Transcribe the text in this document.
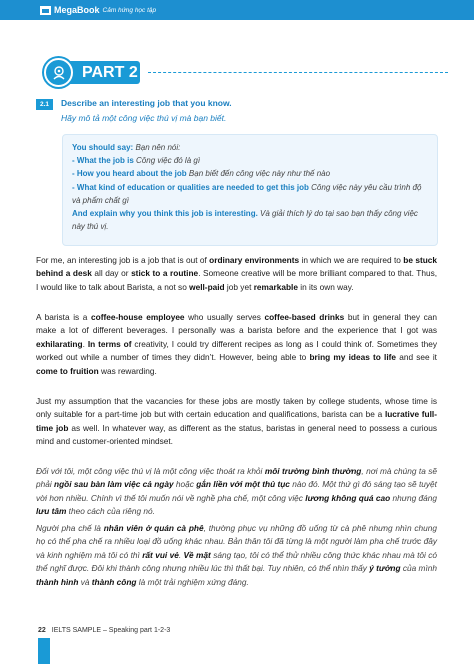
MegaBook Cảm hứng học tập
PART 2
2.1	Describe an interesting job that you know.
Hãy mô tả một công việc thú vị mà bạn biết.
You should say: Bạn nên nói:
- What the job is Công việc đó là gì
- How you heard about the job Bạn biết đến công việc này như thế nào
- What kind of education or qualities are needed to get this job Công việc này yêu cầu trình độ và phẩm chất gì
And explain why you think this job is interesting. Và giải thích lý do tại sao bạn thấy công việc này thú vị.

For me, an interesting job is a job that is out of ordinary environments in which we are required to be stuck behind a desk all day or stick to a routine. Someone creative will be more brilliant compared to that. Thus, I would like to talk about Barista, a not so well-paid job yet remarkable in its own way.

A barista is a coffee-house employee who usually serves coffee-based drinks but in general they can make a lot of different beverages. I personally was a barista before and the experience that I got was exhilarating. In terms of creativity, I could try different recipes as long as I could think of. Sometimes they worked out while a number of times they didn’t. However, being able to bring my ideas to life and see it come to fruition was rewarding.

Just my assumption that the vacancies for these jobs are mostly taken by college students, whose time is only suitable for a part-time job but with certain education and qualifications, barista can be a lucrative full-time job as well. In whatever way, as different as the status, baristas in general need to possess a curious mind and customer-oriented mindset.

Đối với tôi, một công việc thú vị là một công việc thoát ra khỏi môi trường bình thường, nơi mà chúng ta sẽ phải ngồi sau bàn làm việc cả ngày hoặc gắn liền với một thủ tục nào đó. Một thứ gì đó sáng tạo sẽ tuyệt vời hơn nhiều. Chính vì thế tôi muốn nói về nghề pha chế, một công việc lương không quá cao nhưng đáng lưu tâm theo cách của riêng nó.

Người pha chế là nhân viên ở quán cà phê, thường phục vụ những đồ uống từ cà phê nhưng nhìn chung họ có thể pha chế ra nhiều loại đồ uống khác nhau. Bản thân tôi đã từng là một người làm pha chế trước đây và kinh nghiệm mà tôi có thì rất vui vẻ. Về mặt sáng tạo, tôi có thể thử nhiều công thức khác nhau mà tôi có thể nghĩ được. Đôi khi thành công nhưng nhiều lúc thì thất bại. Tuy nhiên, có thể nhìn thấy ý tưởng của mình thành hình và thành công là một trải nghiệm xứng đáng.

22 IELTS SAMPLE – Speaking part 1-2-3
